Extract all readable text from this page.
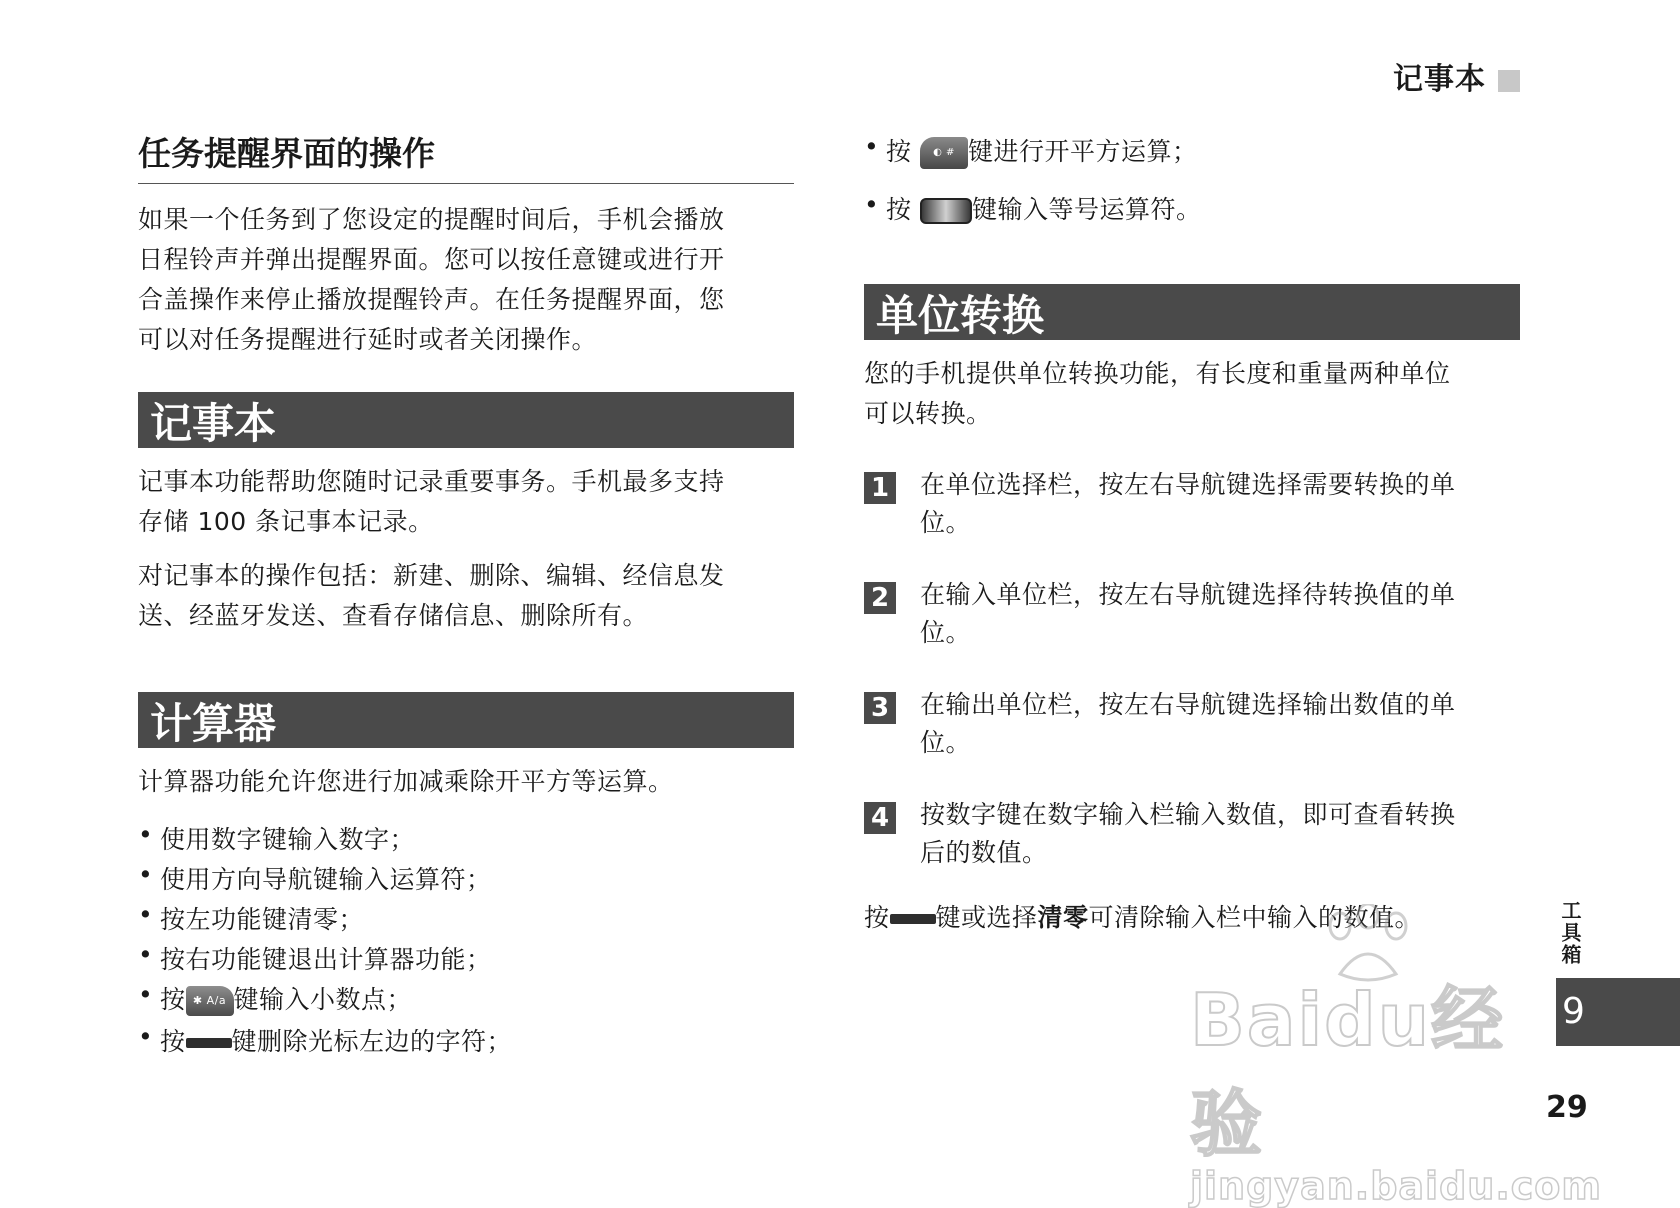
记事本
任务提醒界面的操作
如果一个任务到了您设定的提醒时间后，手机会播放
日程铃声并弹出提醒界面。您可以按任意键或进行开
合盖操作来停止播放提醒铃声。在任务提醒界面，您
可以对任务提醒进行延时或者关闭操作。
记事本
记事本功能帮助您随时记录重要事务。手机最多支持
存储 100 条记事本记录。
对记事本的操作包括：新建、删除、编辑、经信息发
送、经蓝牙发送、查看存储信息、删除所有。
计算器
计算器功能允许您进行加减乘除开平方等运算。
• 使用数字键输入数字；
• 使用方向导航键输入运算符；
• 按左功能键清零；
• 按右功能键退出计算器功能；
• 按 ✱ A/a 键输入小数点；
• 按 键删除光标左边的字符；
• 按 ◐ # 键进行开平方运算；
• 按 键输入等号运算符。
单位转换
您的手机提供单位转换功能，有长度和重量两种单位
可以转换。
1 在单位选择栏，按左右导航键选择需要转换的单
位。
2 在输入单位栏，按左右导航键选择待转换值的单
位。
3 在输出单位栏，按左右导航键选择输出数值的单
位。
4 按数字键在数字输入栏输入数值，即可查看转换
后的数值。
按 键或选择清零可清除输入栏中输入的数值。	工具箱
9
29
Baidu经验
jingyan.baidu.com
